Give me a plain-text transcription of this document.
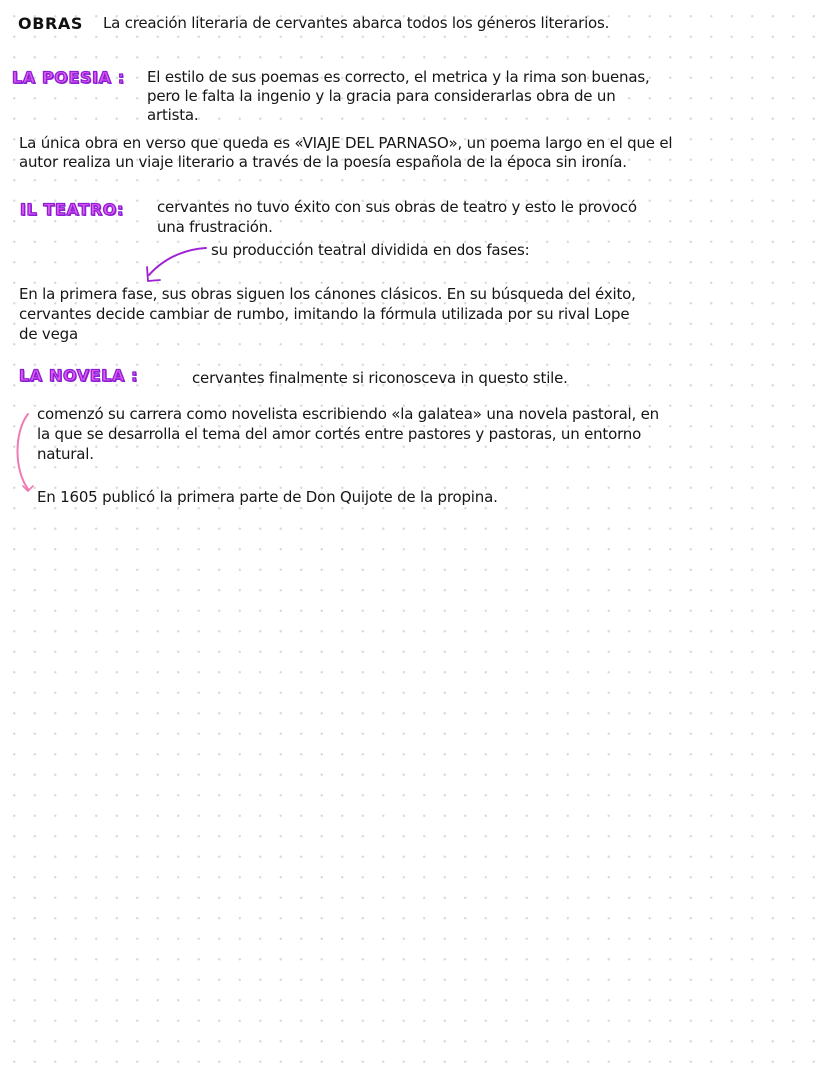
OBRAS La creación literaria de cervantes abarca todos los géneros literarios.
LA POESIA : El estilo de sus poemas es correcto, el metrica y la rima son buenas,
pero le falta la ingenio y la gracia para considerarlas obra de un
artista.
La única obra en verso que queda es «VIAJE DEL PARNASO», un poema largo en el que el
autor realiza un viaje literario a través de la poesía española de la época sin ironía.
IL TEATRO: cervantes no tuvo éxito con sus obras de teatro y esto le provocó
una frustración.
su producción teatral dividida en dos fases:
En la primera fase, sus obras siguen los cánones clásicos. En su búsqueda del éxito,
cervantes decide cambiar de rumbo, imitando la fórmula utilizada por su rival Lope
de vega
LA NOVELA :	cervantes finalmente si riconosceva in questo stile.
comenzó su carrera como novelista escribiendo «la galatea» una novela pastoral, en
la que se desarrolla el tema del amor cortés entre pastores y pastoras, un entorno
natural.
En 1605 publicó la primera parte de Don Quijote de la propina.
